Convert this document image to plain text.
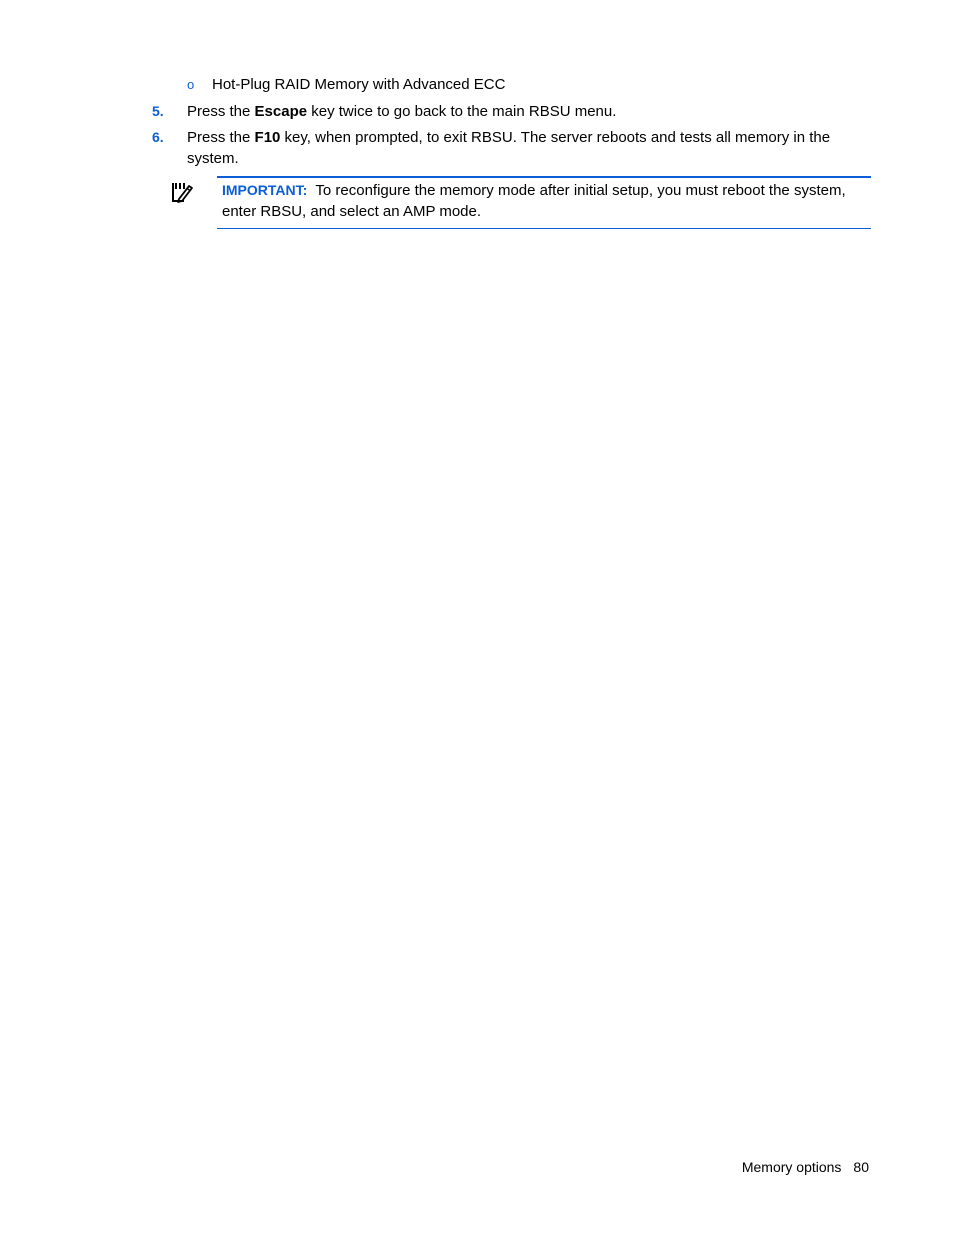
o Hot-Plug RAID Memory with Advanced ECC
5. Press the Escape key twice to go back to the main RBSU menu.
6. Press the F10 key, when prompted, to exit RBSU. The server reboots and tests all memory in the system.
IMPORTANT: To reconfigure the memory mode after initial setup, you must reboot the system, enter RBSU, and select an AMP mode.
Memory options 80
